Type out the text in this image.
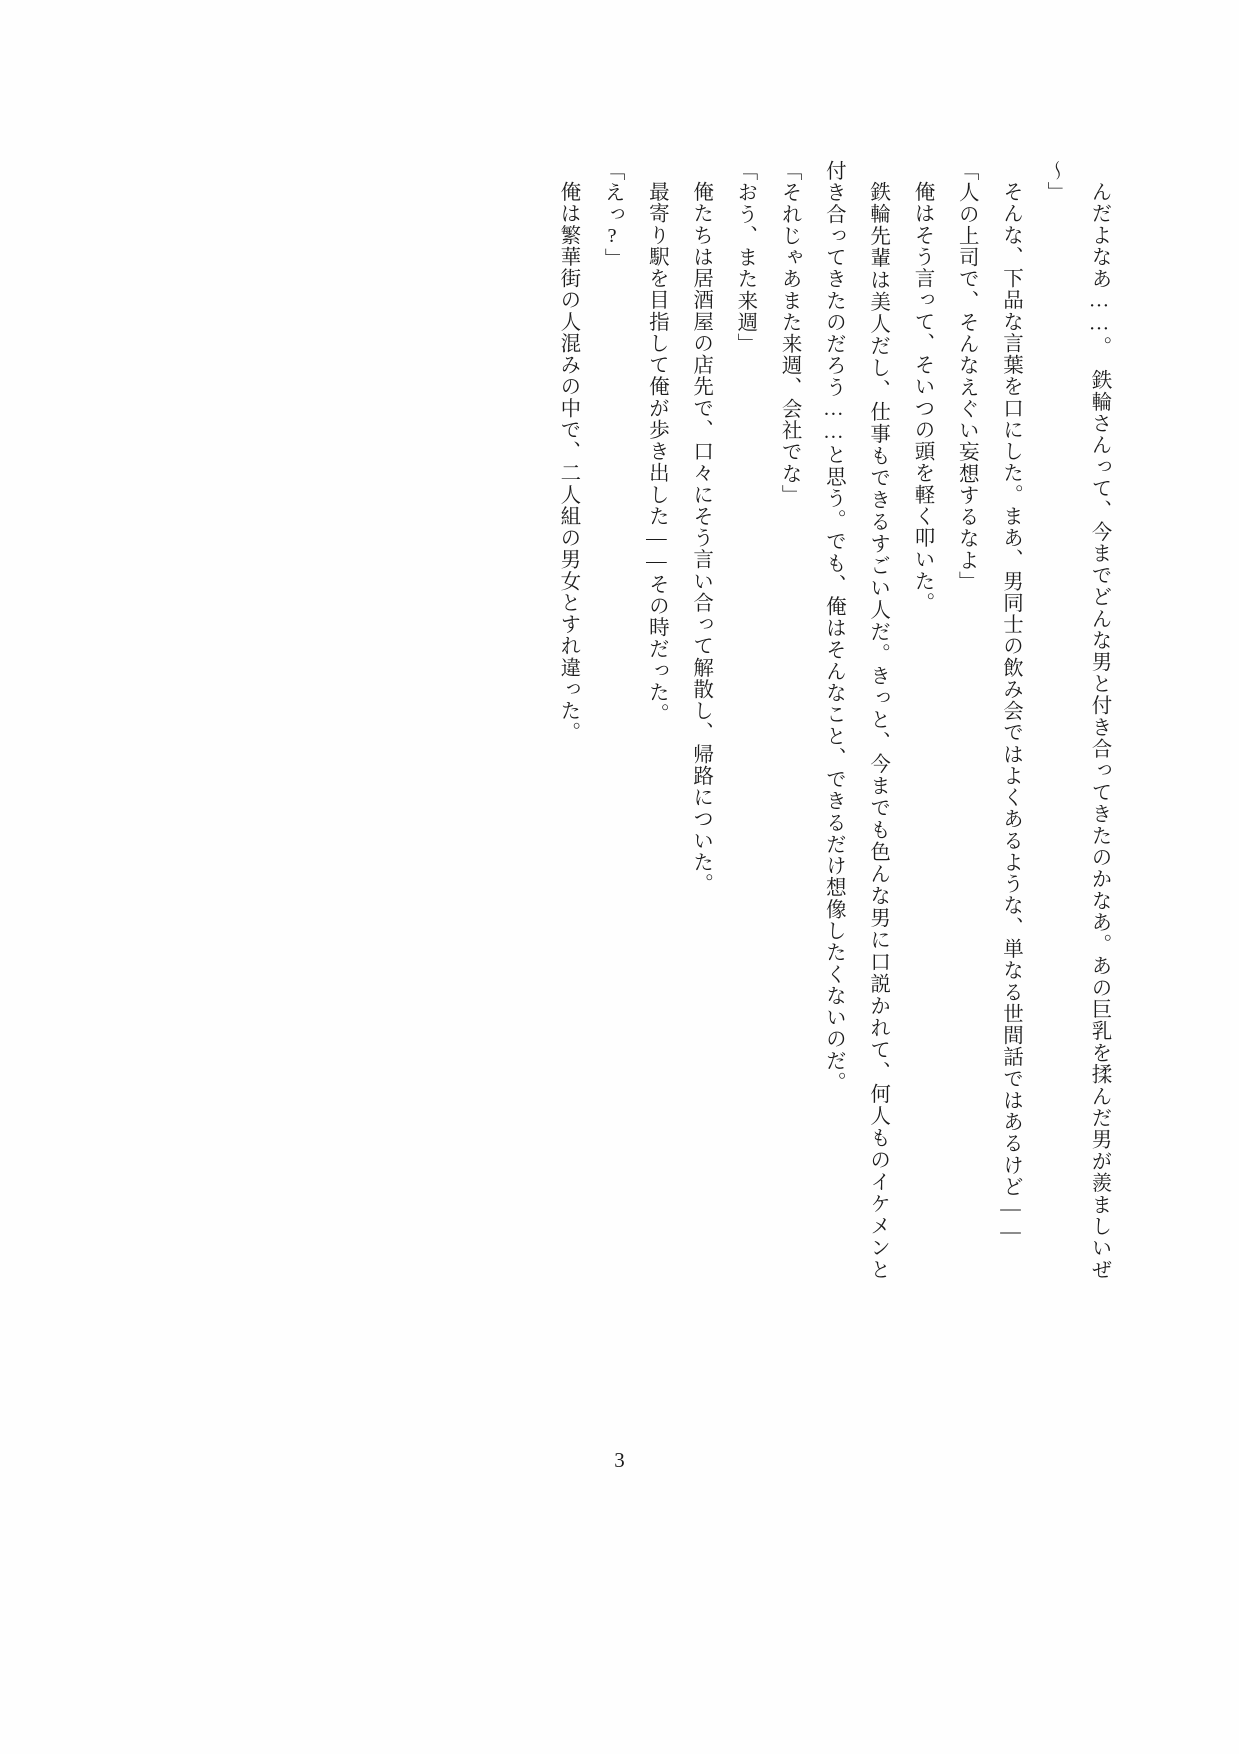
んだよなあ……。　鉄輪さんって、今までどんな男と付き合ってきたのかなあ。あの巨乳を揉んだ男が羨ましいぜ～」

そんな、下品な言葉を口にした。まあ、男同士の飲み会ではよくあるような、単なる世間話ではあるけど――

「人の上司で、そんなえぐい妄想するなよ」

俺はそう言って、そいつの頭を軽く叩いた。

鉄輪先輩は美人だし、仕事もできるすごい人だ。きっと、今までも色んな男に口説かれて、何人ものイケメンと付き合ってきたのだろう……と思う。でも、俺はそんなこと、できるだけ想像したくないのだ。

「それじゃあまた来週、会社でな」

「おう、また来週」

俺たちは居酒屋の店先で、口々にそう言い合って解散し、帰路についた。

最寄り駅を目指して俺が歩き出した――その時だった。

「えっ?」

俺は繁華街の人混みの中で、二人組の男女とすれ違った。

3
